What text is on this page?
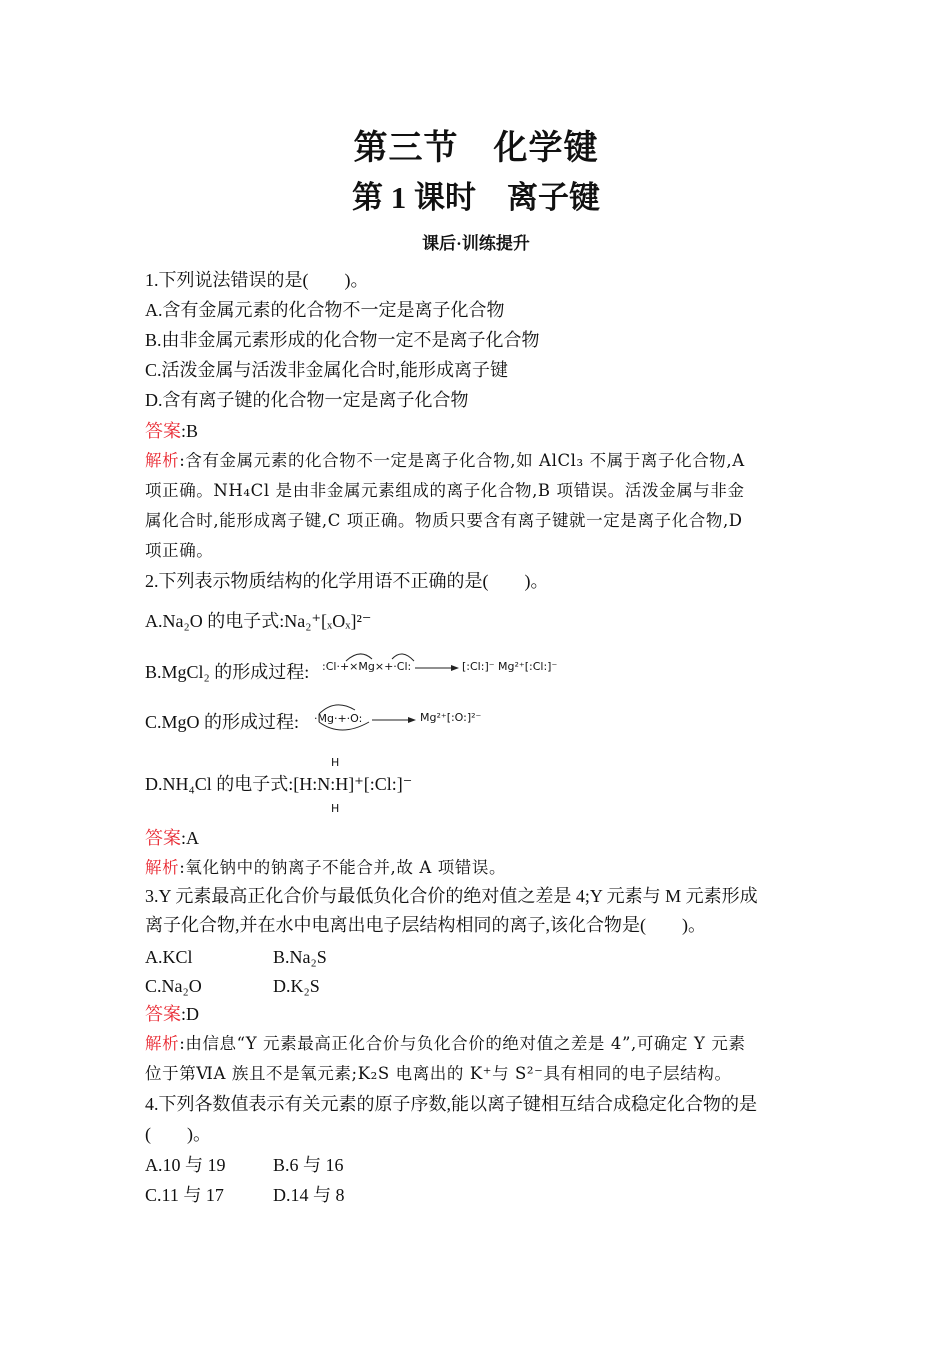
第三节　化学键
第 1 课时　离子键
课后·训练提升
1.下列说法错误的是(　　)。
A.含有金属元素的化合物不一定是离子化合物
B.由非金属元素形成的化合物一定不是离子化合物
C.活泼金属与活泼非金属化合时,能形成离子键
D.含有离子键的化合物一定是离子化合物
答案:B
解析:含有金属元素的化合物不一定是离子化合物,如 AlCl₃ 不属于离子化合物,A
项正确。NH₄Cl 是由非金属元素组成的离子化合物,B 项错误。活泼金属与非金
属化合时,能形成离子键,C 项正确。物质只要含有离子键就一定是离子化合物,D
项正确。
2.下列表示物质结构的化学用语不正确的是(　　)。
A.Na₂O 的电子式:Na₂⁺[ₓOₓ]²⁻
B.MgCl₂ 的形成过程: :Cl·+×Mg×+·Cl: → [:Cl:]⁻ Mg²⁺[:Cl:]⁻
C.MgO 的形成过程: ·Mg·+·O: → Mg²⁺[:O:]²⁻
D.NH₄Cl 的电子式:[H:N:H]⁺[:Cl:]⁻
H
H
答案:A
解析:氧化钠中的钠离子不能合并,故 A 项错误。
3.Y 元素最高正化合价与最低负化合价的绝对值之差是 4;Y 元素与 M 元素形成
离子化合物,并在水中电离出电子层结构相同的离子,该化合物是(　　)。
A.KCl	B.Na₂S
C.Na₂O	D.K₂S
答案:D
解析:由信息“Y 元素最高正化合价与负化合价的绝对值之差是 4”,可确定 Y 元素
位于第ⅥA 族且不是氧元素;K₂S 电离出的 K⁺与 S²⁻具有相同的电子层结构。
4.下列各数值表示有关元素的原子序数,能以离子键相互结合成稳定化合物的是
(　　)。
A.10 与 19	B.6 与 16
C.11 与 17	D.14 与 8
